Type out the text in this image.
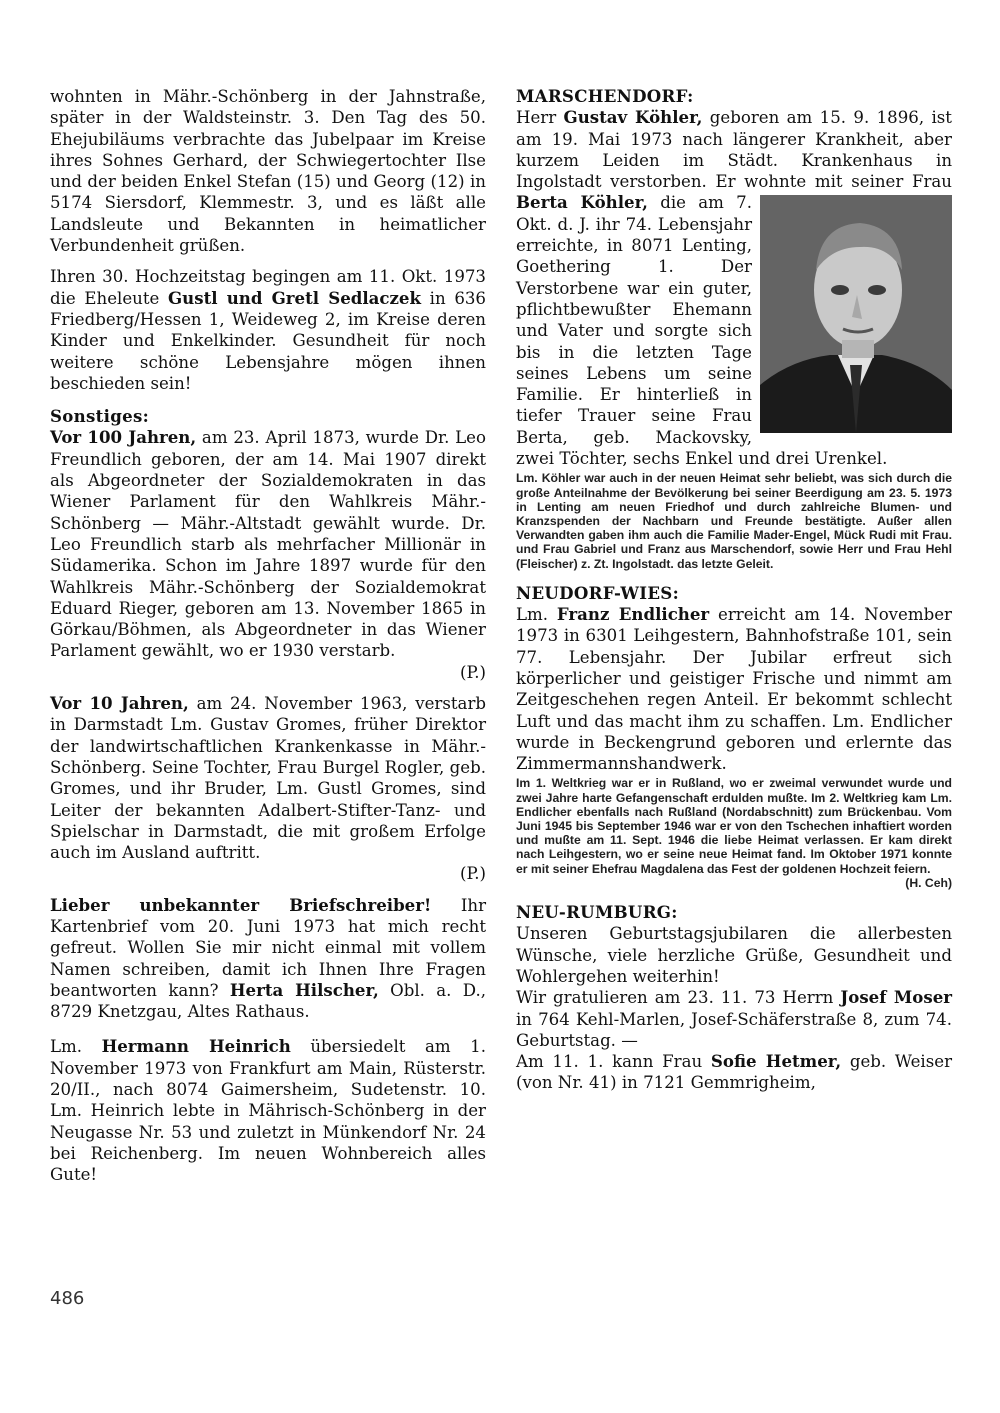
wohnten in Mähr.-Schönberg in der Jahnstraße, später in der Waldsteinstr. 3. Den Tag des 50. Ehejubiläums verbrachte das Jubelpaar im Kreise ihres Sohnes Gerhard, der Schwiegertochter Ilse und der beiden Enkel Stefan (15) und Georg (12) in 5174 Siersdorf, Klemmestr. 3, und es läßt alle Landsleute und Bekannten in heimatlicher Verbundenheit grüßen.

Ihren 30. Hochzeitstag begingen am 11. Okt. 1973 die Eheleute Gustl und Gretl Sedlaczek in 636 Friedberg/Hessen 1, Weideweg 2, im Kreise deren Kinder und Enkelkinder. Gesundheit für noch weitere schöne Lebensjahre mögen ihnen beschieden sein!

Sonstiges:

Vor 100 Jahren, am 23. April 1873, wurde Dr. Leo Freundlich geboren, der am 14. Mai 1907 direkt als Abgeordneter der Sozialdemokraten in das Wiener Parlament für den Wahlkreis Mähr.-Schönberg — Mähr.-Altstadt gewählt wurde. Dr. Leo Freundlich starb als mehrfacher Millionär in Südamerika. Schon im Jahre 1897 wurde für den Wahlkreis Mähr.-Schönberg der Sozialdemokrat Eduard Rieger, geboren am 13. November 1865 in Görkau/Böhmen, als Abgeordneter in das Wiener Parlament gewählt, wo er 1930 verstarb.
(P.)

Vor 10 Jahren, am 24. November 1963, verstarb in Darmstadt Lm. Gustav Gromes, früher Direktor der landwirtschaftlichen Krankenkasse in Mähr.-Schönberg. Seine Tochter, Frau Burgel Rogler, geb. Gromes, und ihr Bruder, Lm. Gustl Gromes, sind Leiter der bekannten Adalbert-Stifter-Tanz- und Spielschar in Darmstadt, die mit großem Erfolge auch im Ausland auftritt.
(P.)

Lieber unbekannter Briefschreiber! Ihr Kartenbrief vom 20. Juni 1973 hat mich recht gefreut. Wollen Sie mir nicht einmal mit vollem Namen schreiben, damit ich Ihnen Ihre Fragen beantworten kann? Herta Hilscher, Obl. a. D., 8729 Knetzgau, Altes Rathaus.

Lm. Hermann Heinrich übersiedelt am 1. November 1973 von Frankfurt am Main, Rüsterstr. 20/II., nach 8074 Gaimersheim, Sudetenstr. 10. Lm. Heinrich lebte in Mährisch-Schönberg in der Neugasse Nr. 53 und zuletzt in Münkendorf Nr. 24 bei Reichenberg. Im neuen Wohnbereich alles Gute!

MARSCHENDORF:

Herr Gustav Köhler, geboren am 15. 9. 1896, ist am 19. Mai 1973 nach längerer Krankheit, aber kurzem Leiden im Städt. Krankenhaus in Ingolstadt verstorben. Er wohnte mit seiner Frau
Berta Köhler, die am 7. Okt. d. J. ihr 74. Lebensjahr erreichte, in 8071 Lenting, Goethering 1. Der Verstorbene war ein guter, pflichtbewußter Ehemann und Vater und sorgte sich bis in die letzten Tage seines Lebens um seine Familie. Er hinterließ in tiefer Trauer seine Frau Berta, geb. Mackovsky, zwei Töchter, sechs Enkel und drei Urenkel.

Lm. Köhler war auch in der neuen Heimat sehr beliebt, was sich durch die große Anteilnahme der Bevölkerung bei seiner Beerdigung am 23. 5. 1973 in Lenting am neuen Friedhof und durch zahlreiche Blumen- und Kranzspenden der Nachbarn und Freunde bestätigte. Außer allen Verwandten gaben ihm auch die Familie Mader-Engel, Mück Rudi mit Frau. und Frau Gabriel und Franz aus Marschendorf, sowie Herr und Frau Hehl (Fleischer) z. Zt. Ingolstadt. das letzte Geleit.

NEUDORF-WIES:

Lm. Franz Endlicher erreicht am 14. November 1973 in 6301 Leihgestern, Bahnhofstraße 101, sein 77. Lebensjahr. Der Jubilar erfreut sich körperlicher und geistiger Frische und nimmt am Zeitgeschehen regen Anteil. Er bekommt schlecht Luft und das macht ihm zu schaffen. Lm. Endlicher wurde in Beckengrund geboren und erlernte das Zimmermannshandwerk.

Im 1. Weltkrieg war er in Rußland, wo er zweimal verwundet wurde und zwei Jahre harte Gefangenschaft erdulden mußte. Im 2. Weltkrieg kam Lm. Endlicher ebenfalls nach Rußland (Nordabschnitt) zum Brückenbau. Vom Juni 1945 bis September 1946 war er von den Tschechen inhaftiert worden und mußte am 11. Sept. 1946 die liebe Heimat verlassen. Er kam direkt nach Leihgestern, wo er seine neue Heimat fand. Im Oktober 1971 konnte er mit seiner Ehefrau Magdalena das Fest der goldenen Hochzeit feiern.
(H. Ceh)

NEU-RUMBURG:

Unseren Geburtstagsjubilaren die allerbesten Wünsche, viele herzliche Grüße, Gesundheit und Wohlergehen weiterhin!

Wir gratulieren am 23. 11. 73 Herrn Josef Moser in 764 Kehl-Marlen, Josef-Schäferstraße 8, zum 74. Geburtstag. —

Am 11. 1. kann Frau Sofie Hetmer, geb. Weiser (von Nr. 41) in 7121 Gemmrigheim,

486
